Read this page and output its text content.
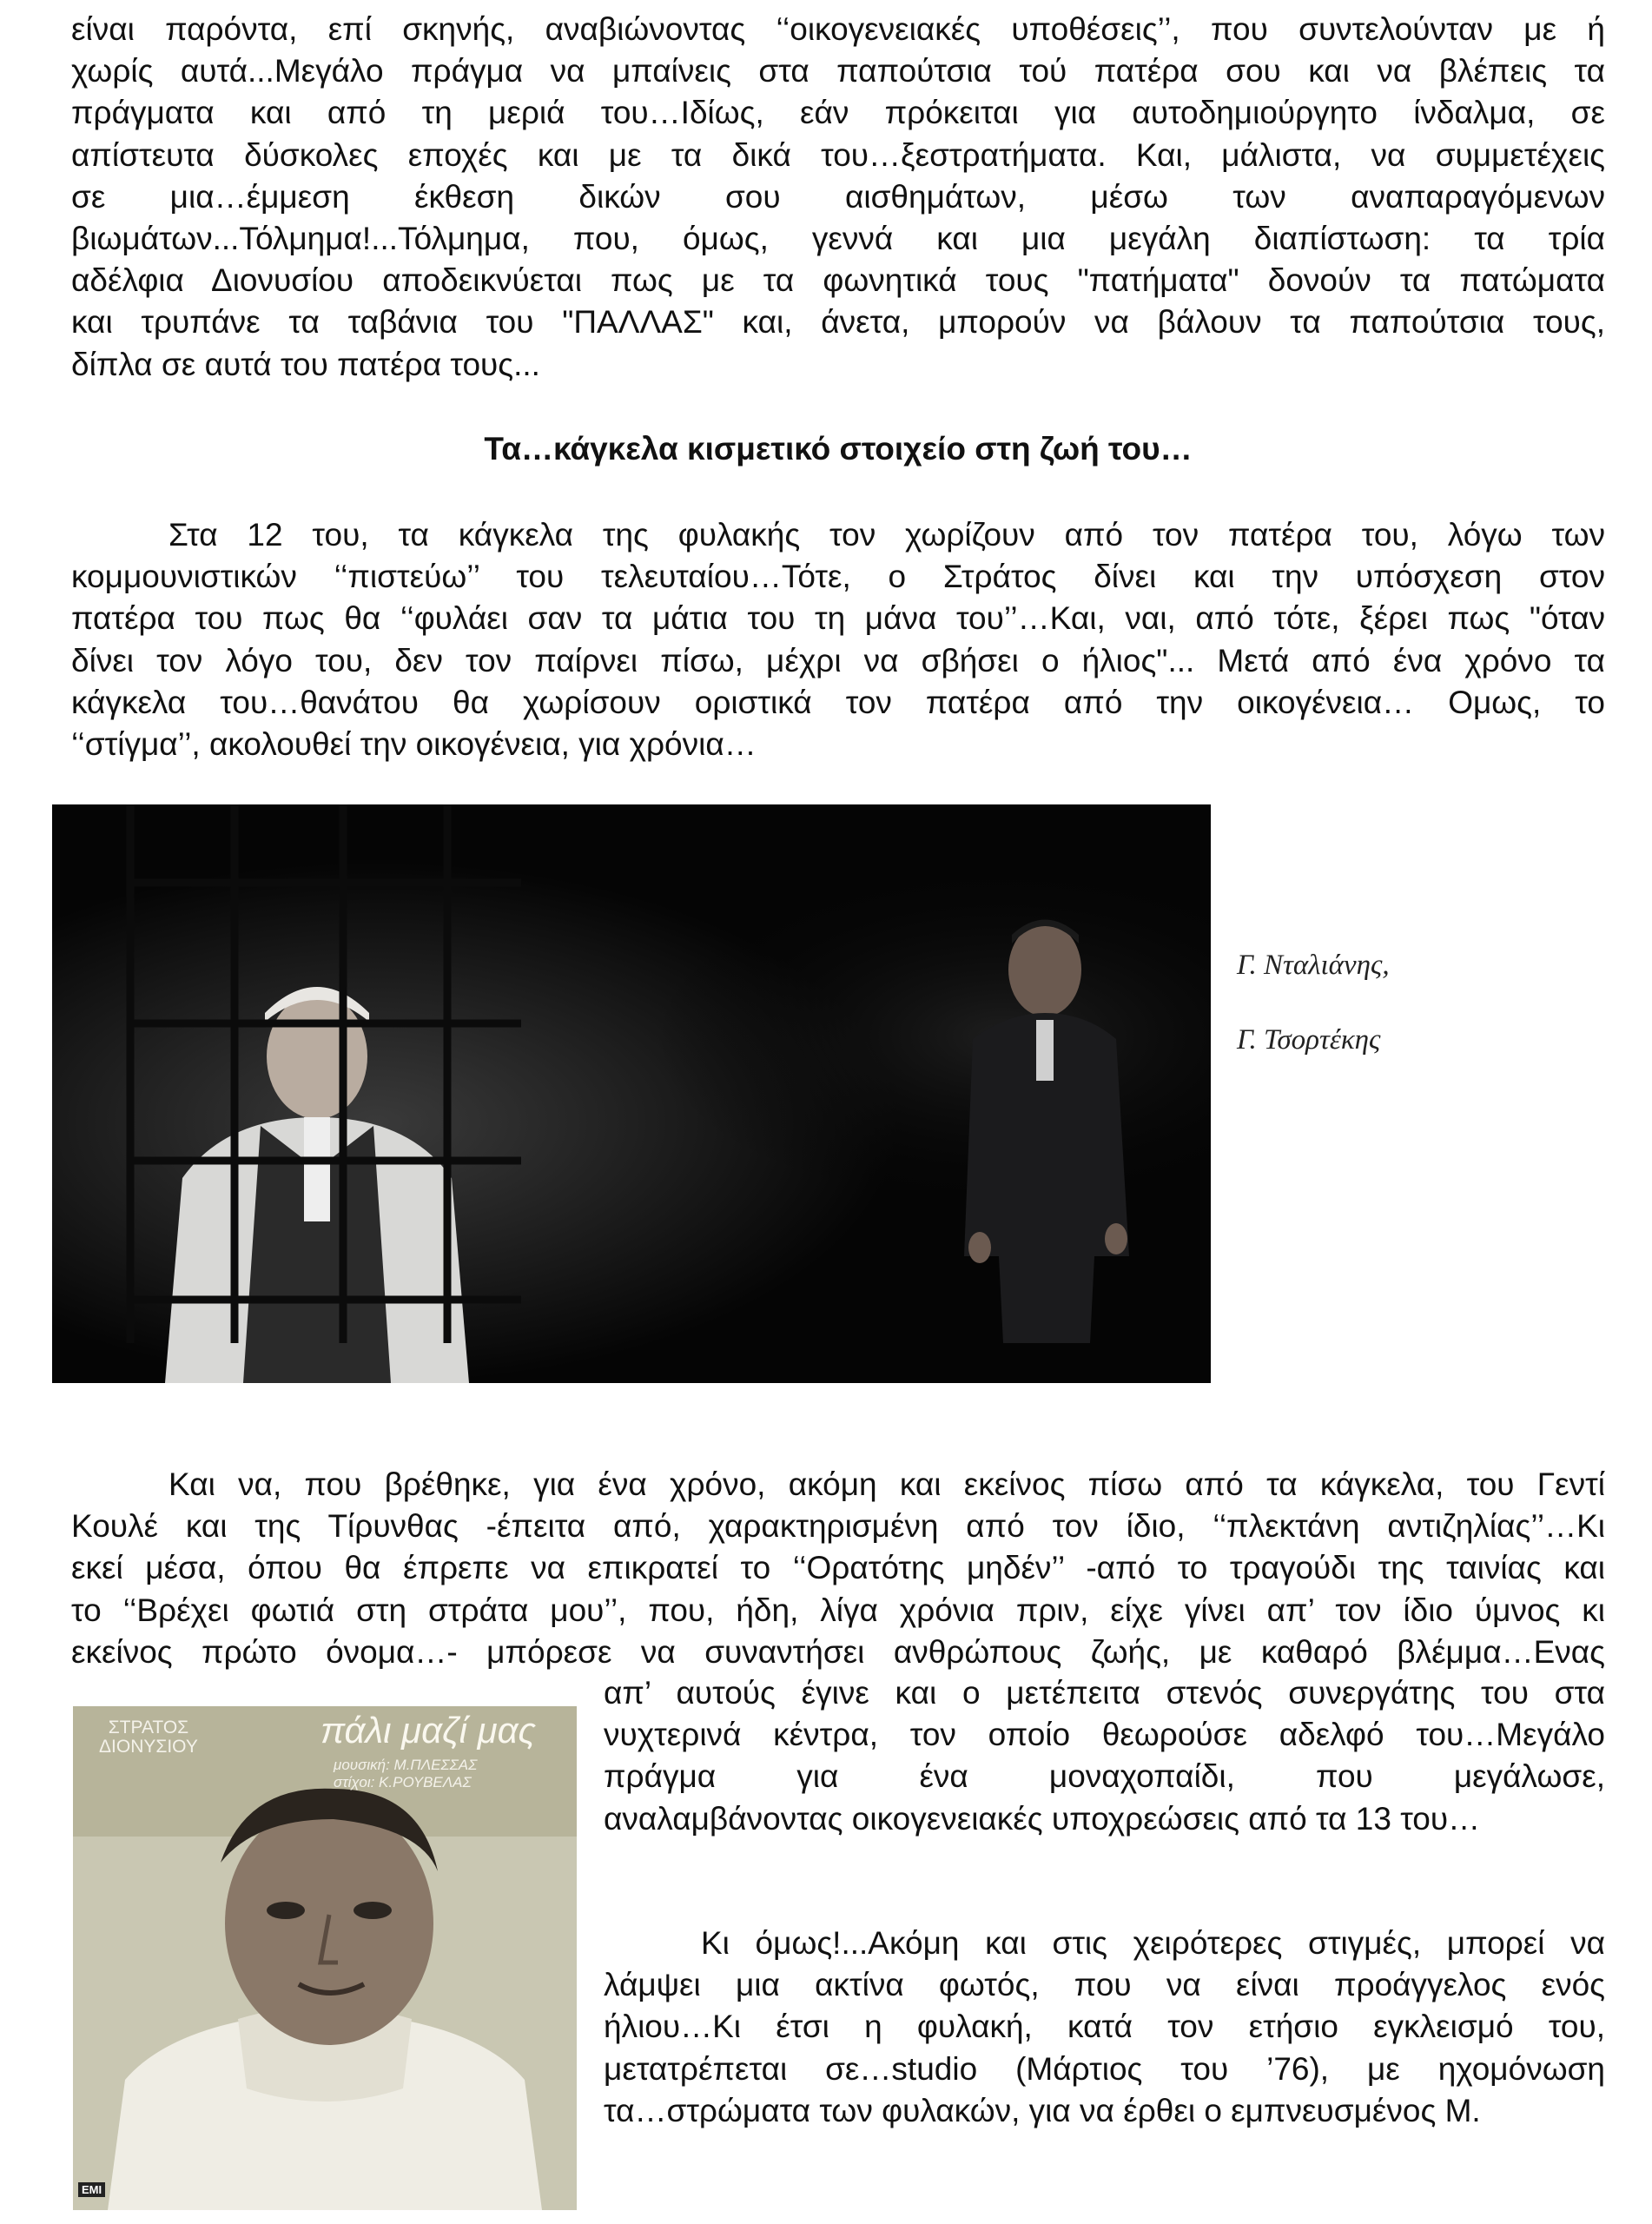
είναι παρόντα, επί σκηνής, αναβιώνοντας ‘‘οικογενειακές υποθέσεις’’, που συντελούνταν με ή
χωρίς αυτά...Μεγάλο πράγμα να μπαίνεις στα παπούτσια τού πατέρα σου και να βλέπεις τα
πράγματα και από τη μεριά του…Ιδίως, εάν πρόκειται για αυτοδημιούργητο ίνδαλμα, σε
απίστευτα δύσκολες εποχές και με τα δικά του…ξεστρατήματα. Και, μάλιστα, να συμμετέχεις
σε μια…έμμεση έκθεση δικών σου αισθημάτων, μέσω των αναπαραγόμενων
βιωμάτων...Τόλμημα!...Τόλμημα, που, όμως, γεννά και μια μεγάλη διαπίστωση: τα τρία
αδέλφια Διονυσίου αποδεικνύεται πως με τα φωνητικά τους "πατήματα" δονούν τα πατώματα
και τρυπάνε τα ταβάνια του "ΠΑΛΛΑΣ" και, άνετα, μπορούν να βάλουν τα παπούτσια τους,
δίπλα σε αυτά του πατέρα τους...
Τα…κάγκελα κισμετικό στοιχείο στη ζωή του…
Στα 12 του, τα κάγκελα της φυλακής τον χωρίζουν από τον πατέρα του, λόγω των
κομμουνιστικών ‘‘πιστεύω’’ του τελευταίου…Τότε, ο Στράτος δίνει και την υπόσχεση στον
πατέρα του πως θα ‘‘φυλάει σαν τα μάτια του τη μάνα του’’…Και, ναι, από τότε, ξέρει πως "όταν
δίνει τον λόγο του, δεν τον παίρνει πίσω, μέχρι να σβήσει ο ήλιος"... Μετά από ένα χρόνο τα
κάγκελα του…θανάτου θα χωρίσουν οριστικά τον πατέρα από την οικογένεια… Ομως, το
‘‘στίγμα’’, ακολουθεί την οικογένεια, για χρόνια…
Γ. Νταλιάνης,
Γ. Τσορτέκης
Και να, που βρέθηκε, για ένα χρόνο, ακόμη και εκείνος πίσω από τα κάγκελα, του Γεντί
Κουλέ και της Τίρυνθας -έπειτα από, χαρακτηρισμένη από τον ίδιο, ‘‘πλεκτάνη αντιζηλίας’’…Κι
εκεί μέσα, όπου θα έπρεπε να επικρατεί το ‘‘Ορατότης μηδέν’’ -από το τραγούδι της ταινίας και
το ‘‘Βρέχει φωτιά στη στράτα μου’’, που, ήδη, λίγα χρόνια πριν, είχε γίνει απ’ τον ίδιο ύμνος κι
εκείνος πρώτο όνομα…- μπόρεσε να συναντήσει ανθρώπους ζωής, με καθαρό βλέμμα…Ενας
απ’ αυτούς έγινε και ο μετέπειτα στενός συνεργάτης του στα
νυχτερινά κέντρα, τον οποίο θεωρούσε αδελφό του…Μεγάλο
πράγμα για ένα μοναχοπαίδι, που μεγάλωσε,
αναλαμβάνοντας οικογενειακές υποχρεώσεις από τα 13 του…
Κι όμως!...Ακόμη και στις χειρότερες στιγμές, μπορεί να
λάμψει μια ακτίνα φωτός, που να είναι προάγγελος ενός
ήλιου…Κι έτσι η φυλακή, κατά τον ετήσιο εγκλεισμό του,
μετατρέπεται σε…studio (Μάρτιος του ’76), με ηχομόνωση
τα…στρώματα των φυλακών, για να έρθει ο εμπνευσμένος Μ.
ΣΤΡΑΤΟΣ
ΔΙΟΝΥΣΙΟΥ	πάλι μαζί μας
μουσική: Μ.ΠΛΕΣΣΑΣ
στίχοι: Κ.ΡΟΥΒΕΛΑΣ
EMI
